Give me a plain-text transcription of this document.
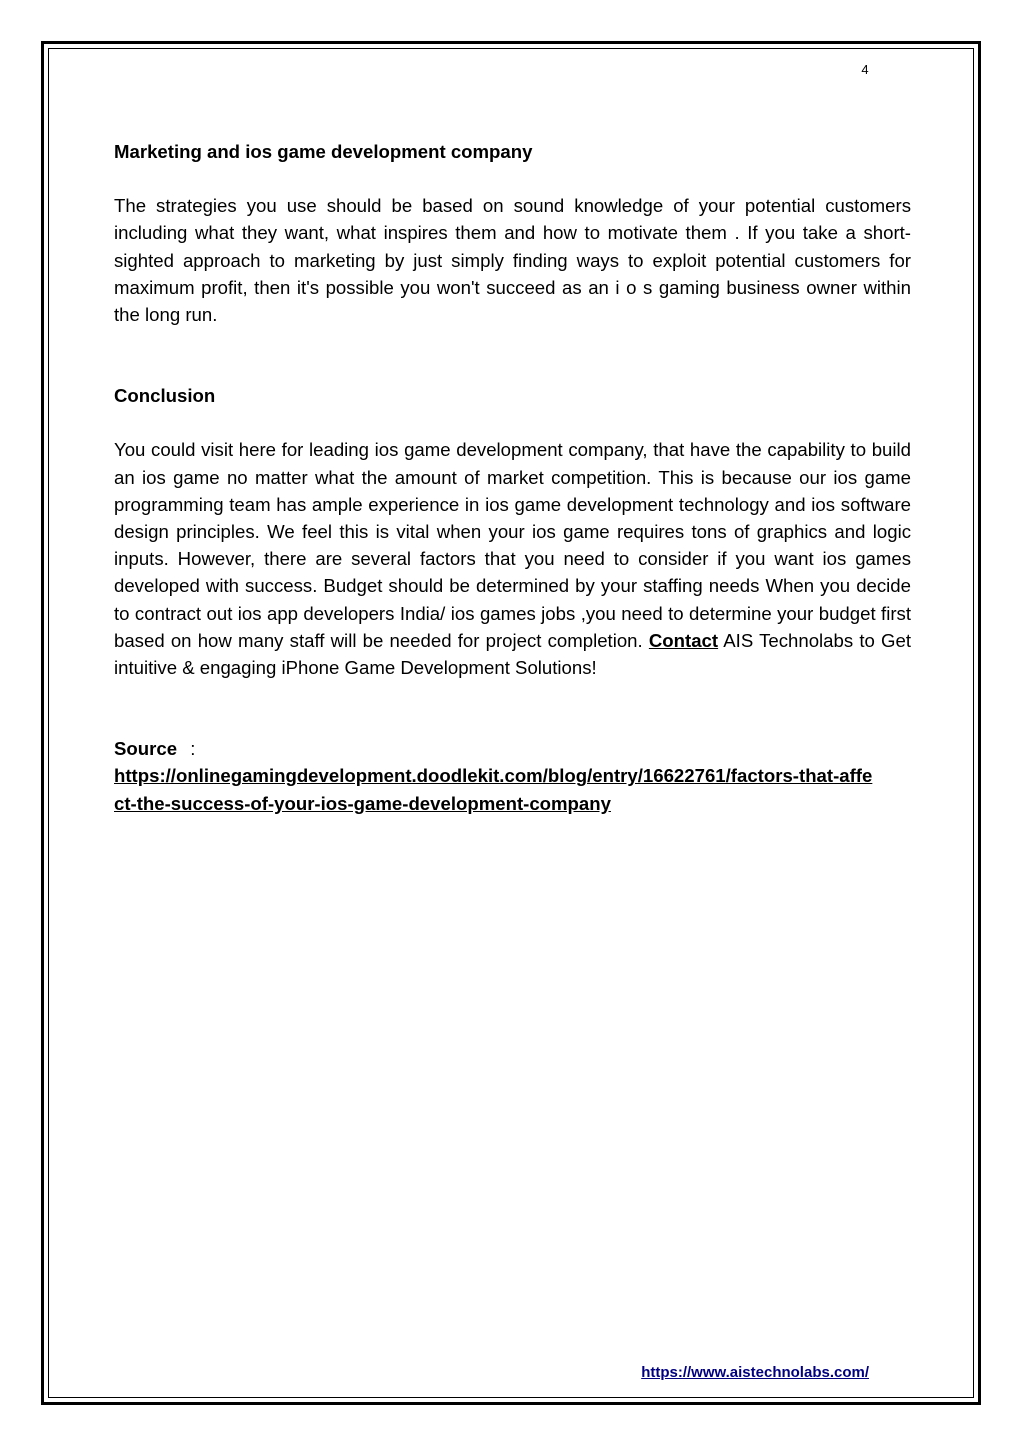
4
Marketing and ios game development company

The strategies you use should be based on sound knowledge of your potential customers including what they want, what inspires them and how to motivate them . If you take a short-sighted approach to marketing by just simply finding ways to exploit potential customers for maximum profit, then it's possible you won't succeed as an i o s gaming business owner within the long run.

Conclusion

You could visit here for leading ios game development company, that have the capability to build an ios game no matter what the amount of market competition. This is because our ios game programming team has ample experience in ios game development technology and ios software design principles. We feel this is vital when your ios game requires tons of graphics and logic inputs. However, there are several factors that you need to consider if you want ios games developed with success. Budget should be determined by your staffing needs When you decide to contract out ios app developers India/ ios games jobs ,you need to determine your budget first based on how many staff will be needed for project completion. Contact AIS Technolabs to Get intuitive & engaging iPhone Game Development Solutions!

Source :
https://onlinegamingdevelopment.doodlekit.com/blog/entry/16622761/factors-that-affect-the-success-of-your-ios-game-development-company
https://www.aistechnolabs.com/
